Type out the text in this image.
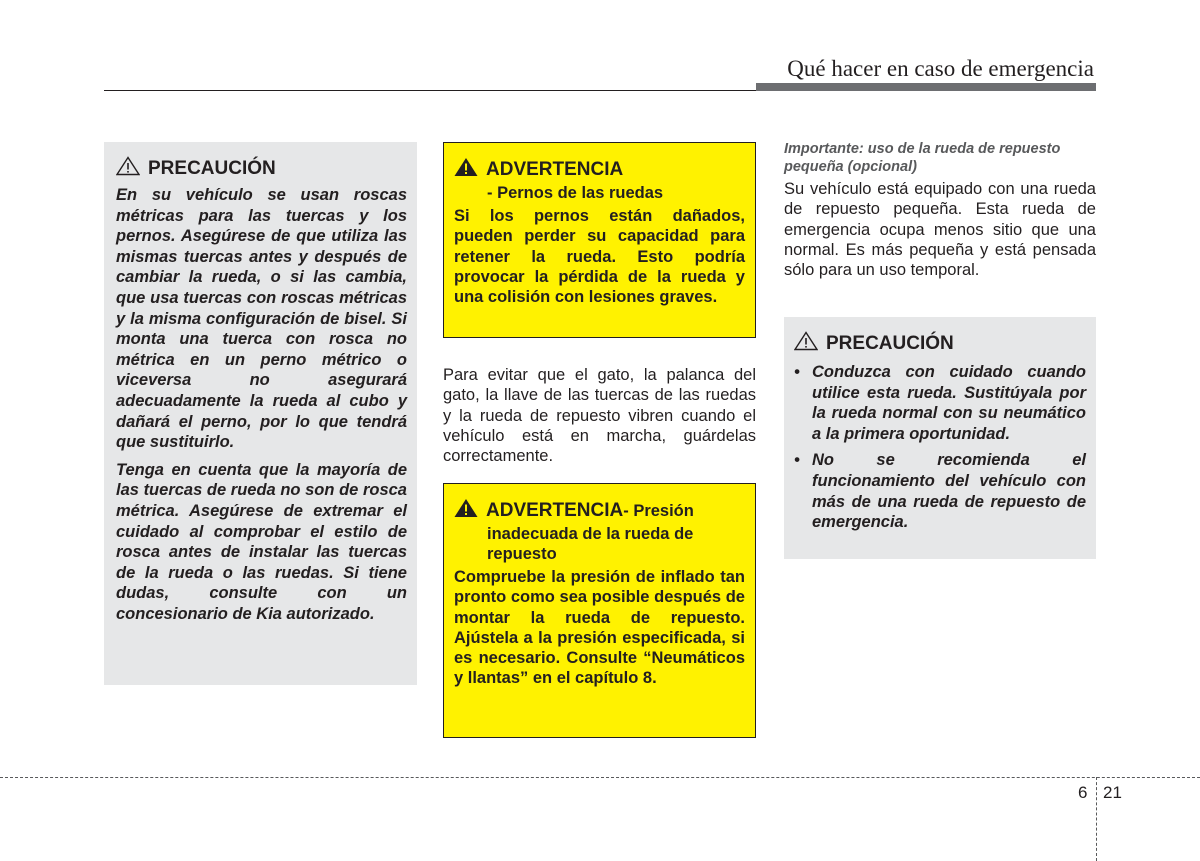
Qué hacer en caso de emergencia
PRECAUCIÓN

En su vehículo se usan roscas métricas para las tuercas y los pernos. Asegúrese de que utiliza las mismas tuercas antes y después de cambiar la rueda, o si las cambia, que usa tuercas con roscas métricas y la misma configuración de bisel. Si monta una tuerca con rosca no métrica en un perno métrico o viceversa no asegurará adecuadamente la rueda al cubo y dañará el perno, por lo que tendrá que sustituirlo.

Tenga en cuenta que la mayoría de las tuercas de rueda no son de rosca métrica. Asegúrese de extremar el cuidado al comprobar el estilo de rosca antes de instalar las tuercas de la rueda o las ruedas. Si tiene dudas, consulte con un concesionario de Kia autorizado.

ADVERTENCIA
- Pernos de las ruedas
Si los pernos están dañados, pueden perder su capacidad para retener la rueda. Esto podría provocar la pérdida de la rueda y una colisión con lesiones graves.
Para evitar que el gato, la palanca del gato, la llave de las tuercas de las ruedas y la rueda de repuesto vibren cuando el vehículo está en marcha, guárdelas correctamente.
ADVERTENCIA - Presión
inadecuada de la rueda de repuesto
Compruebe la presión de inflado tan pronto como sea posible después de montar la rueda de repuesto. Ajústela a la presión especificada, si es necesario. Consulte “Neumáticos y llantas” en el capítulo 8.
Importante: uso de la rueda de repuesto pequeña (opcional)
Su vehículo está equipado con una rueda de repuesto pequeña. Esta rueda de emergencia ocupa menos sitio que una normal. Es más pequeña y está pensada sólo para un uso temporal.
PRECAUCIÓN
• Conduzca con cuidado cuando utilice esta rueda. Sustitúyala por la rueda normal con su neumático a la primera oportunidad.
• No se recomienda el funcionamiento del vehículo con más de una rueda de repuesto de emergencia.
6 21
